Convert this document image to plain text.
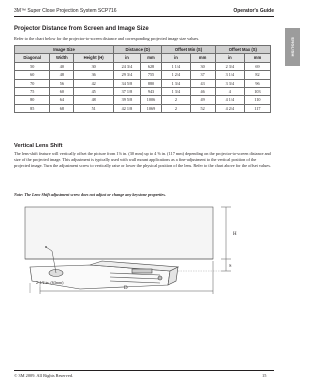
3M™ Super Close Projection System SCP716	Operator's Guide
ENGLISH
Projector Distance from Screen and Image Size
Refer to the chart below for the projector-to-screen distance and corresponding projected image size values.
Image Size			Distance (D)		Offset Min (S)		Offset Max (S)	
Diagonal	Width	Height (H)	in	mm	in	mm	in	mm
50	40	30	24 3/4	628	1 1/4	30	2 3/4	69
60	48	36	29 3/4	755	1 2/4	37	3 1/4	82
70	56	42	34 5/8	880	1 3/4	43	3 3/4	96
75	60	45	37 1/8	943	1 3/4	46	4	103
80	64	48	39 5/8	1006	2	49	4 1/4	110
85	68	51	42 1/8	1069	2	52	4 2/4	117
Vertical Lens Shift
The lens-shift feature will vertically offset the picture from 1⅛ in. (30 mm) up to 4 ⅝ in. (117 mm) depending on the projector-to-screen distance and size of the projected image. This adjustment is typically used with wall mount applications as a fine-adjustment to the vertical position of the projected image. Turn the adjustment screw to vertically raise or lower the physical position of the lens. Refer to the chart above for the offset values.
Note: The Lens-Shift adjustment screw does not adjust or change any keystone properties.
H
S
D
2-1/2 in. (63mm)
© 3M 2009. All Rights Reserved.	15
